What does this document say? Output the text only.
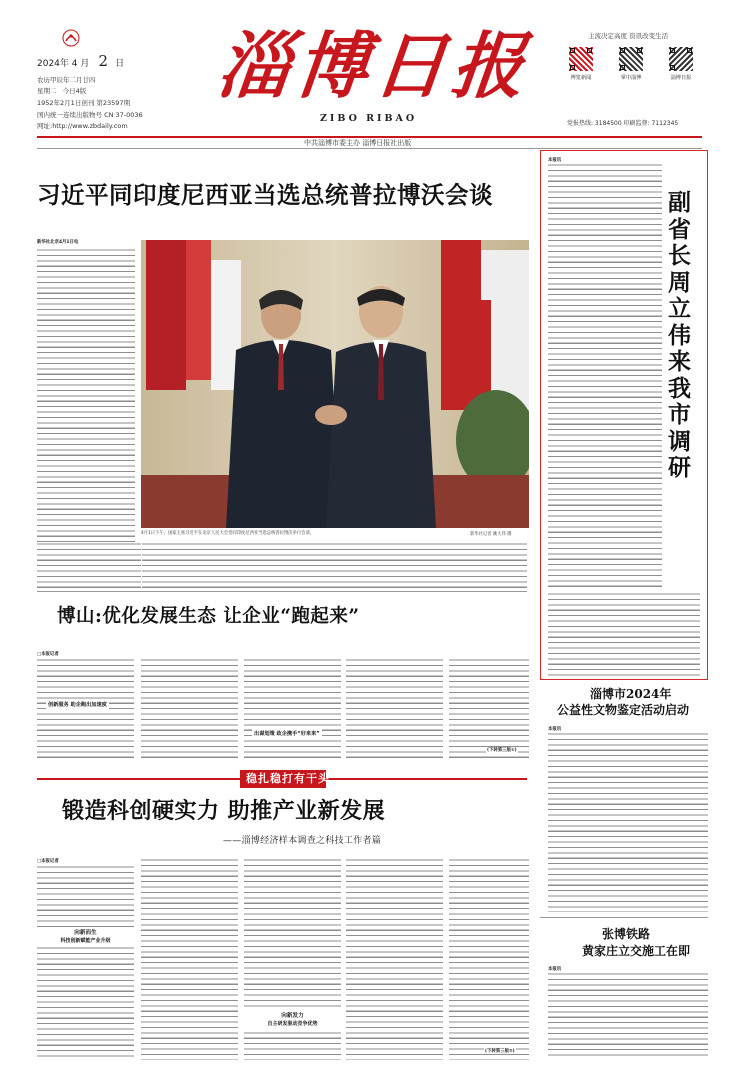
2024年 4 月 2 日
农历甲辰年二月廿四
星期二 今日4版
1952年2月1日创刊 第23597期
国内统一连续出版物号 CN 37-0036
网址:http://www.zbdaily.com
淄博日报
ZIBO RIBAO
主流决定高度 资讯改变生活
博览新闻	掌中淄博	淄博日报
党报热线: 3184500 印刷监督: 7112345
中共淄博市委主办 淄博日报社出版
习近平同印度尼西亚当选总统普拉博沃会谈
新华社北京4月1日电
4月1日下午，国家主席习近平在北京人民大会堂同印度尼西亚当选总统普拉博沃举行会谈。	新华社记者 姚大伟 摄
本报讯
副省长周立伟来我市调研
淄博市2024年
公益性文物鉴定活动启动
本报讯
张博铁路
黄家庄立交施工在即
本报讯
博山:优化发展生态 让企业“跑起来”
□本报记者
创新服务 助企跑出加速度
出谋划策 政企携手“好来来”
(下转第三版①)
稳扎稳打有干头
锻造科创硬实力 助推产业新发展
——淄博经济样本调查之科技工作者篇
□本报记者
向新而生
科技创新赋能产业升级
向新发力
自主研发驱动竞争优势
(下转第三版②)
